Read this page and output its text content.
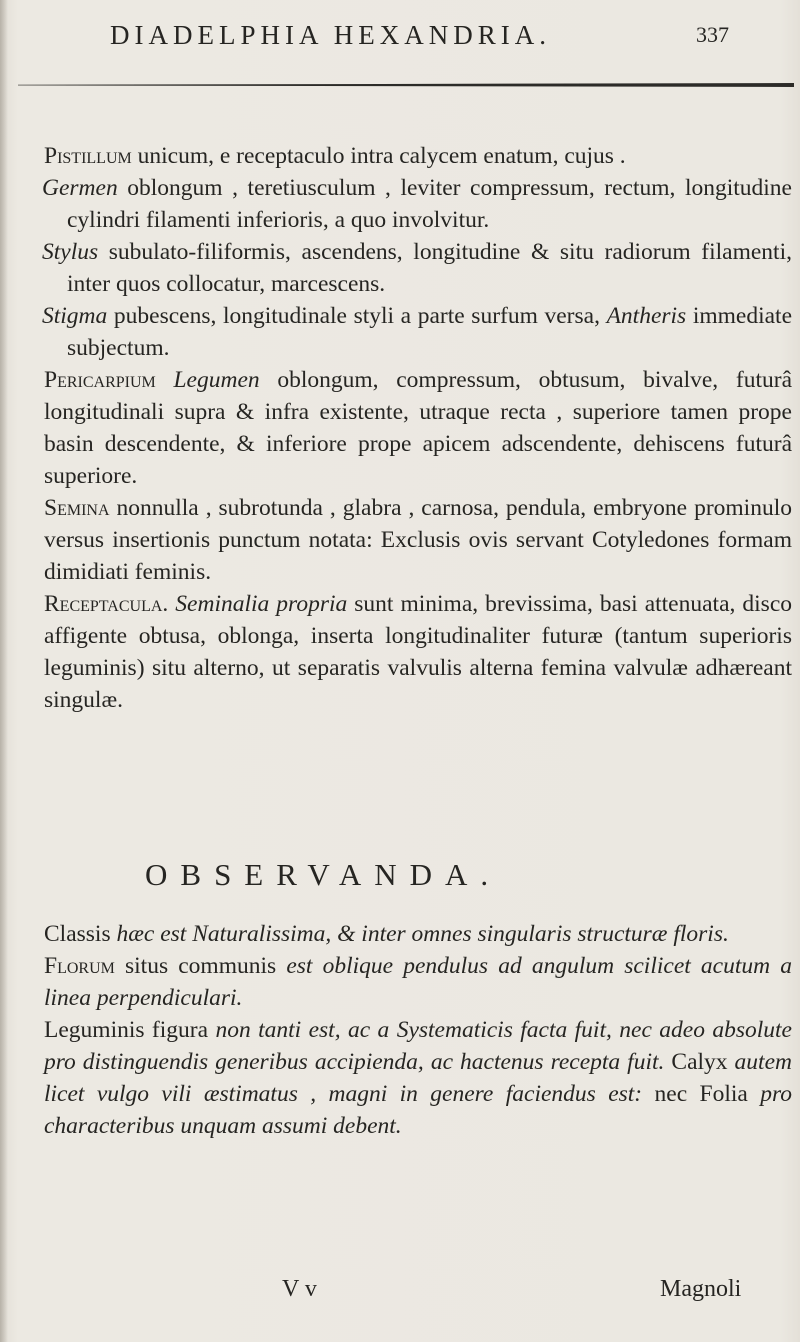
DIADELPHIA HEXANDRIA.	337

Pistillum unicum, e receptaculo intra calycem enatum, cujus .

Germen oblongum , teretiusculum , leviter compressum, rectum, longitudine cylindri filamenti inferioris, a quo involvitur.

Stylus subulato-filiformis, ascendens, longitudine & situ radiorum filamenti, inter quos collocatur, marcescens.

Stigma pubescens, longitudinale styli a parte surfum versa, Antheris immediate subjectum.

Pericarpium Legumen oblongum, compressum, obtusum, bivalve, futurâ longitudinali supra & infra existente, utraque recta , superiore tamen prope basin descendente, & inferiore prope apicem adscendente, dehiscens futurâ superiore.

Semina nonnulla , subrotunda , glabra , carnosa, pendula, embryone prominulo versus insertionis punctum notata: Exclusis ovis servant Cotyledones formam dimidiati feminis.

Receptacula. Seminalia propria sunt minima, brevissima, basi attenuata, disco affigente obtusa, oblonga, inserta longitudinaliter futuræ (tantum superioris leguminis) situ alterno, ut separatis valvulis alterna femina valvulæ adhæreant singulæ.

OBSERVANDA.

Classis hæc est Naturalissima, & inter omnes singularis structuræ floris.

Florum situs communis est oblique pendulus ad angulum scilicet acutum a linea perpendiculari.

Leguminis figura non tanti est, ac a Systematicis facta fuit, nec adeo absolute pro distinguendis generibus accipienda, ac hactenus recepta fuit. Calyx autem licet vulgo vili æstimatus , magni in genere faciendus est: nec Folia pro characteribus unquam assumi debent.

V v	Magnoli
